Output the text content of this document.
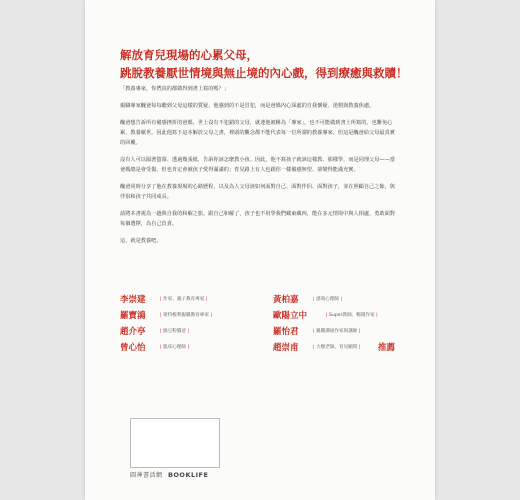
解放育兒現場的心累父母，
跳脫教養厭世情境與無止境的內心戲，得到療癒與救贖！

「教養專家，你們真的都做得到書上寫的嗎？」

親職專家醜爸每每聽到父母這樣的質疑，他感到的不是冒犯，而是爸媽內心深處的自我懷疑、迷惘與教養焦慮。

醜爸想告訴所有備感挫折的爸媽，世上沒有不犯錯的父母，就連他被稱為「專家」，也不可能做到書上所寫的。也難免心累、教養厭世。因此他寫下這本解放父母之書，裡頭的觀念都不能代表每一位所謂的教養專家，但這是醜爸給父母最真實的回覆。

沒有人可以隔著螢幕、透過幾張紙，告訴你該怎麼教小孩。因此，他不寫孩子就該這樣教、那樣學，而是同理父母——當爸媽總是會受傷，但也肯定會被孩子愛得滿滿的；育兒路上有人也跟你一樣備感無望、卻變得能滿充實。

醜爸同時分享了他在教養現場的心路歷程，以及為人父母該如何面對自己、面對伴侶、面對孩子，並在照顧自己之餘，與伴侶和孩子共同成長。

請將本書視為一趟與自我的和解之旅。跟自己和解了，孩子也不用學我們藏東藏西，能在多元情境中與人相處，勇敢面對每個選擇，為自己負責。

這，就是教養吧。

李崇建	| 作家、親子教育專家 |	黃柏嘉	| 諮商心理師 |
羅寶鴻	| 蒙特梭利親職教育專家 |	歐陽立中	| Super教師、暢銷作家 |
趙介亭	| 綠豆粉圓爸 |	羅怡君	| 親職溝通作家與講師 |
曾心怡	| 臨床心理師 |	趙崇甫	| 大樹老師、育兒顧問 | 推薦
圓神書活網 BOOKLIFE
